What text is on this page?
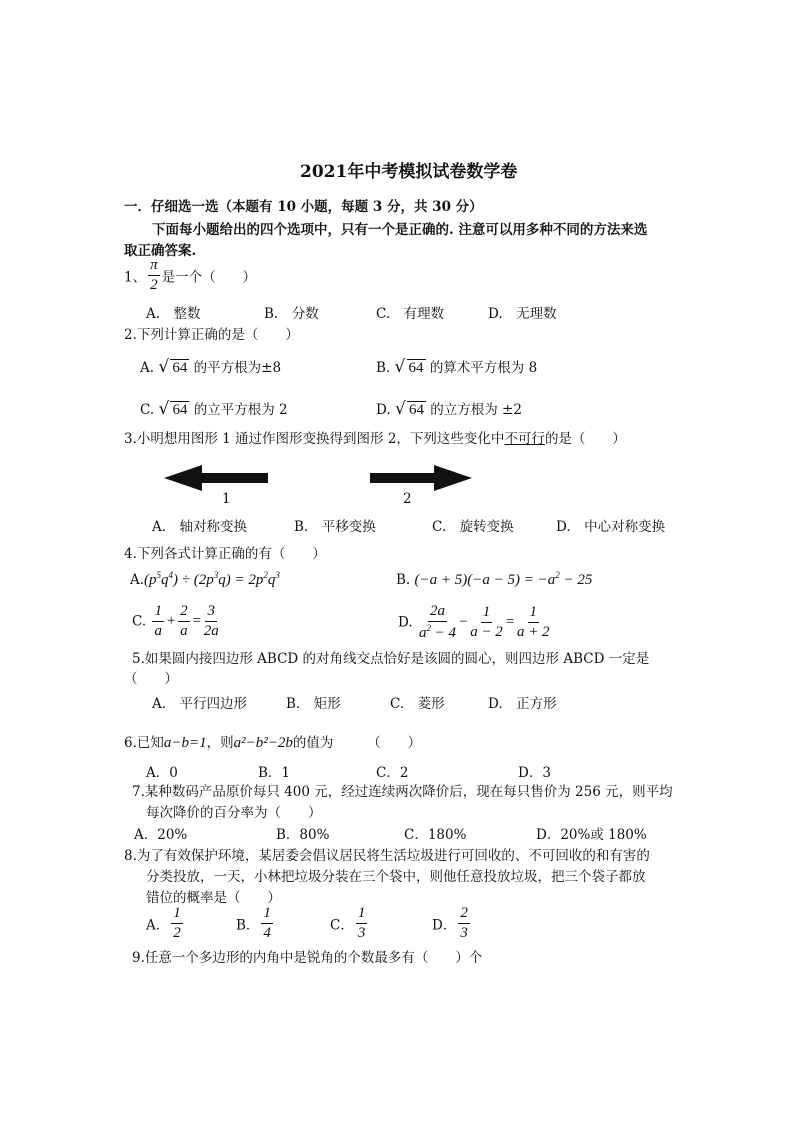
2021年中考模拟试卷数学卷
一．仔细选一选（本题有 10 小题，每题 3 分，共 30 分）
下面每小题给出的四个选项中，只有一个是正确的. 注意可以用多种不同的方法来选
取正确答案.
1、 $\frac{\pi}{2}$ 是一个（　　）
A.　整数	B.　分数	C.　有理数	D.　无理数
2.下列计算正确的是（　　）
A. √ 64 的平方根为±8	B. √ 64 的算术平方根为 8
C. √ 64 的立平方根为 2	D. √ 64 的立方根为 ±2
3.小明想用图形 1 通过作图形变换得到图形 2，下列这些变化中不可行的是（　　）
1	2
A.　轴对称变换	B.　平移变换	C.　旋转变换	D.　中心对称变换
4.下列各式计算正确的有（　　）
$A.(p^5q^4) \div (2p^3q) = 2p^2q^3$	B. $(-a + 5)(-a - 5) = -a^2 - 25$
C. $\frac{1}{a} + \frac{2}{a} = \frac{3}{2a}$	D. $\frac{2a}{a^2 - 4} - \frac{1}{a - 2} = \frac{1}{a + 2}$
5.如果圆内接四边形 ABCD 的对角线交点恰好是该圆的圆心，则四边形 ABCD 一定是
（　　）
A.　平行四边形	B.　矩形	C.　菱形	D.　正方形
6.已知a−b=1，则a²−b²−2b的值为　　　（　　）
A．0	B．1	C．2	D．3
7.某种数码产品原价每只 400 元，经过连续两次降价后，现在每只售价为 256 元，则平均
每次降价的百分率为（　　）
A．20%	B．80%	C．180%	D．20%或 180%
8.为了有效保护环境，某居委会倡议居民将生活垃圾进行可回收的、不可回收的和有害的
分类投放，一天，小林把垃圾分装在三个袋中，则他任意投放垃圾，把三个袋子都放
错位的概率是（　　）
A． $\frac{1}{2}$	B． $\frac{1}{4}$	C． $\frac{1}{3}$	D． $\frac{2}{3}$
9.任意一个多边形的内角中是锐角的个数最多有（　　）个
